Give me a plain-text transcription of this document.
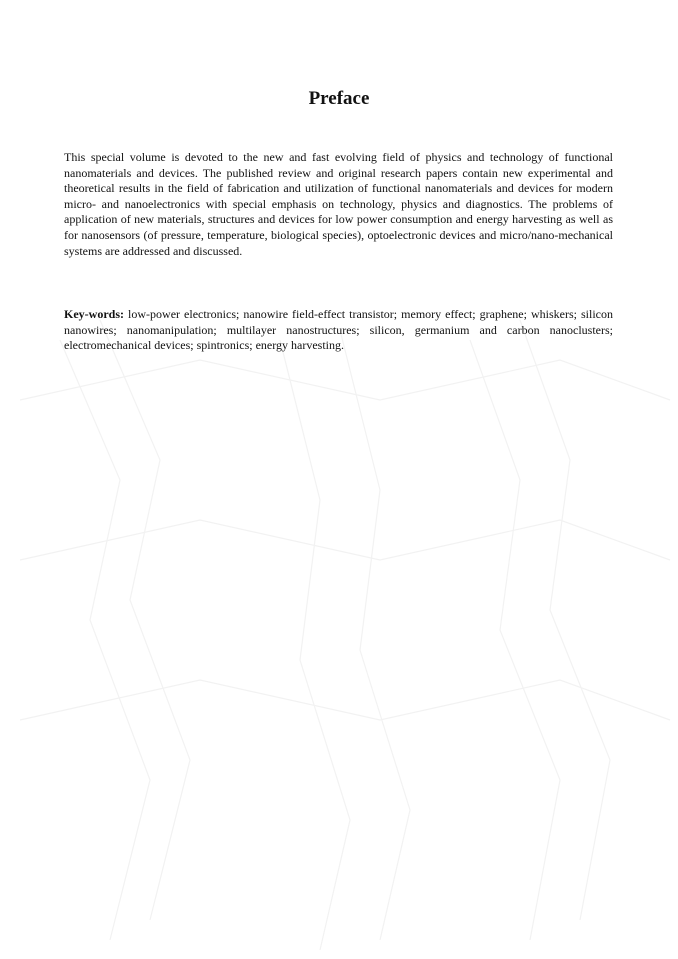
Preface

This special volume is devoted to the new and fast evolving field of physics and technology of functional nanomaterials and devices. The published review and original research papers contain new experimental and theoretical results in the field of fabrication and utilization of functional nanomaterials and devices for modern micro- and nanoelectronics with special emphasis on technology, physics and diagnostics. The problems of application of new materials, structures and devices for low power consumption and energy harvesting as well as for nanosensors (of pressure, temperature, biological species), optoelectronic devices and micro/nano-mechanical systems are addressed and discussed.

Key-words: low-power electronics; nanowire field-effect transistor; memory effect; graphene; whiskers; silicon nanowires; nanomanipulation; multilayer nanostructures; silicon, germanium and carbon nanoclusters; electromechanical devices; spintronics; energy harvesting.
